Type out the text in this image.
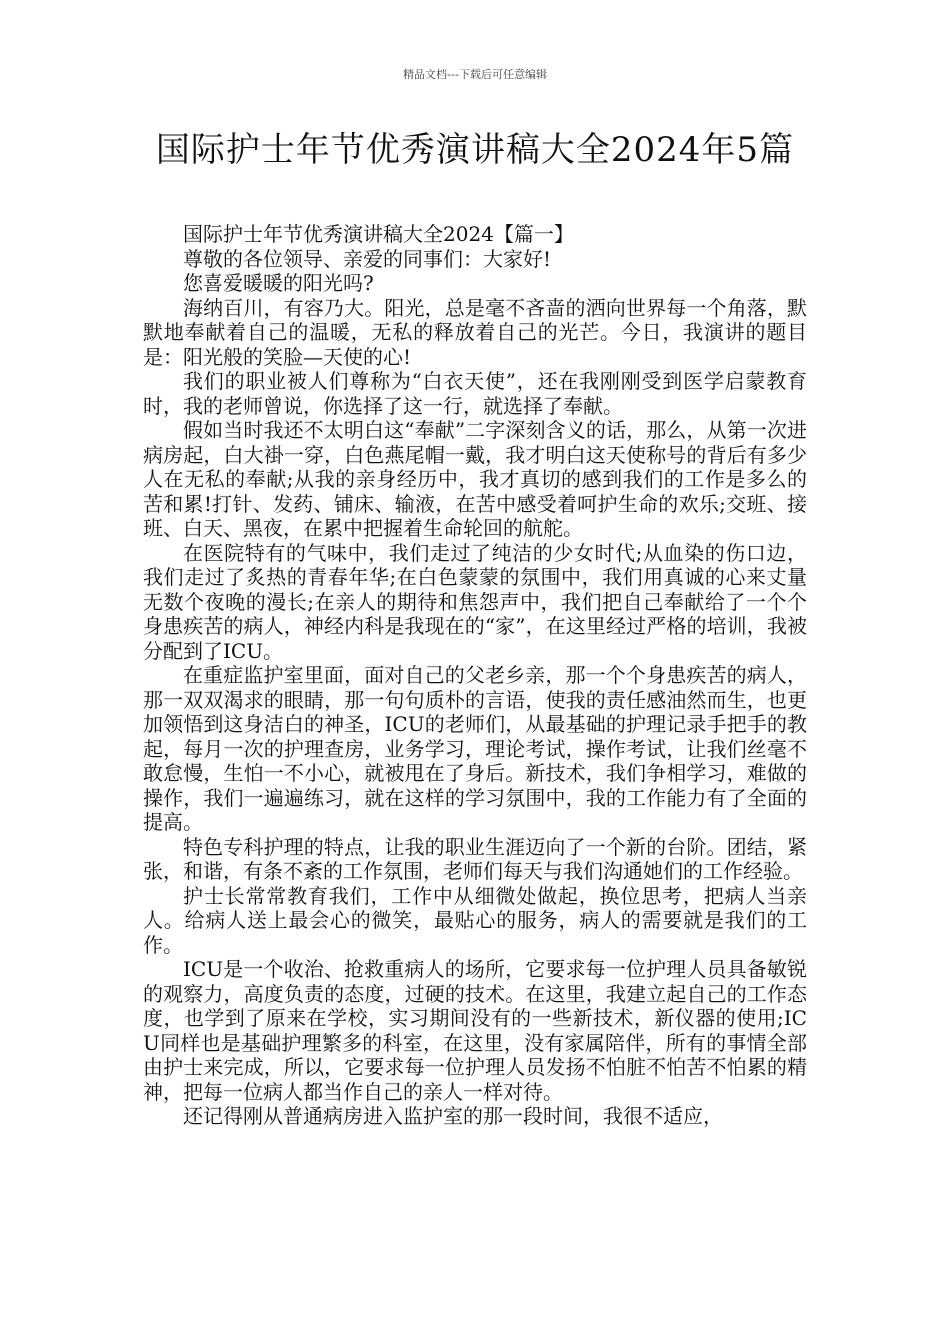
精品文档---下载后可任意编辑
国际护士年节优秀演讲稿大全2024年5篇

国际护士年节优秀演讲稿大全2024【篇一】

尊敬的各位领导、亲爱的同事们：大家好!

您喜爱暖暖的阳光吗?

海纳百川，有容乃大。阳光，总是毫不吝啬的洒向世界每一个角落，默默地奉献着自己的温暖，无私的释放着自己的光芒。今日，我演讲的题目是：阳光般的笑脸—天使的心!

我们的职业被人们尊称为“白衣天使”，还在我刚刚受到医学启蒙教育时，我的老师曾说，你选择了这一行，就选择了奉献。

假如当时我还不太明白这“奉献”二字深刻含义的话，那么，从第一次进病房起，白大褂一穿，白色燕尾帽一戴，我才明白这天使称号的背后有多少人在无私的奉献;从我的亲身经历中，我才真切的感到我们的工作是多么的苦和累!打针、发药、铺床、输液，在苦中感受着呵护生命的欢乐;交班、接班、白天、黑夜，在累中把握着生命轮回的航舵。

在医院特有的气味中，我们走过了纯洁的少女时代;从血染的伤口边，我们走过了炙热的青春年华;在白色蒙蒙的氛围中，我们用真诚的心来丈量无数个夜晚的漫长;在亲人的期待和焦怨声中，我们把自己奉献给了一个个身患疾苦的病人，神经内科是我现在的“家”，在这里经过严格的培训，我被分配到了ICU。

在重症监护室里面，面对自己的父老乡亲，那一个个身患疾苦的病人，那一双双渴求的眼睛，那一句句质朴的言语，使我的责任感油然而生，也更加领悟到这身洁白的神圣，ICU的老师们，从最基础的护理记录手把手的教起，每月一次的护理查房，业务学习，理论考试，操作考试，让我们丝毫不敢怠慢，生怕一不小心，就被甩在了身后。新技术，我们争相学习，难做的操作，我们一遍遍练习，就在这样的学习氛围中，我的工作能力有了全面的提高。

特色专科护理的特点，让我的职业生涯迈向了一个新的台阶。团结，紧张，和谐，有条不紊的工作氛围，老师们每天与我们沟通她们的工作经验。

护士长常常教育我们，工作中从细微处做起，换位思考，把病人当亲人。给病人送上最会心的微笑，最贴心的服务，病人的需要就是我们的工作。

ICU是一个收治、抢救重病人的场所，它要求每一位护理人员具备敏锐的观察力，高度负责的态度，过硬的技术。在这里，我建立起自己的工作态度，也学到了原来在学校，实习期间没有的一些新技术，新仪器的使用;ICU同样也是基础护理繁多的科室，在这里，没有家属陪伴，所有的事情全部由护士来完成，所以，它要求每一位护理人员发扬不怕脏不怕苦不怕累的精神，把每一位病人都当作自己的亲人一样对待。

还记得刚从普通病房进入监护室的那一段时间，我很不适应，
